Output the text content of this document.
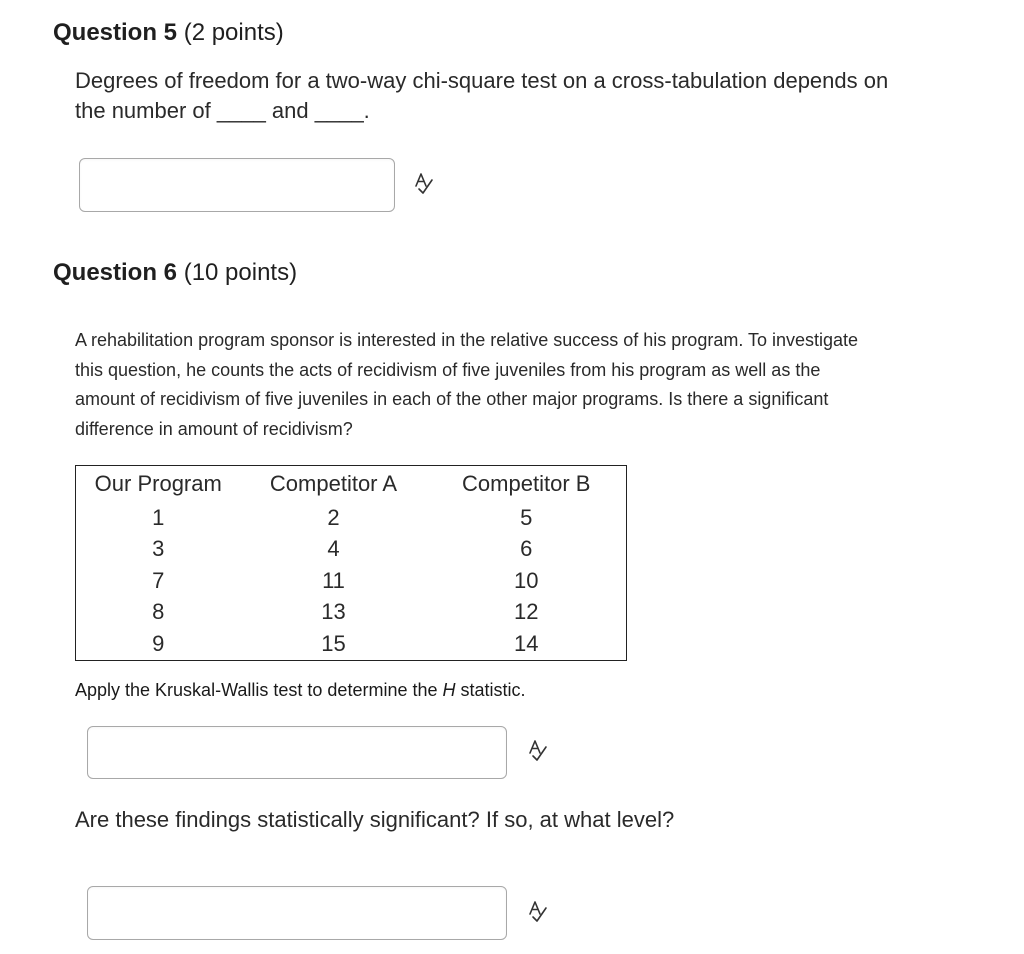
Question 5 (2 points)
Degrees of freedom for a two-way chi-square test on a cross-tabulation depends on
the number of ____ and ____.
Question 6 (10 points)
A rehabilitation program sponsor is interested in the relative success of his program. To investigate
this question, he counts the acts of recidivism of five juveniles from his program as well as the
amount of recidivism of five juveniles in each of the other major programs. Is there a significant
difference in amount of recidivism?
Our Program	Competitor A	Competitor B
1	2	5
3	4	6
7	11	10
8	13	12
9	15	14
Apply the Kruskal-Wallis test to determine the H statistic.
Are these findings statistically significant? If so, at what level?
